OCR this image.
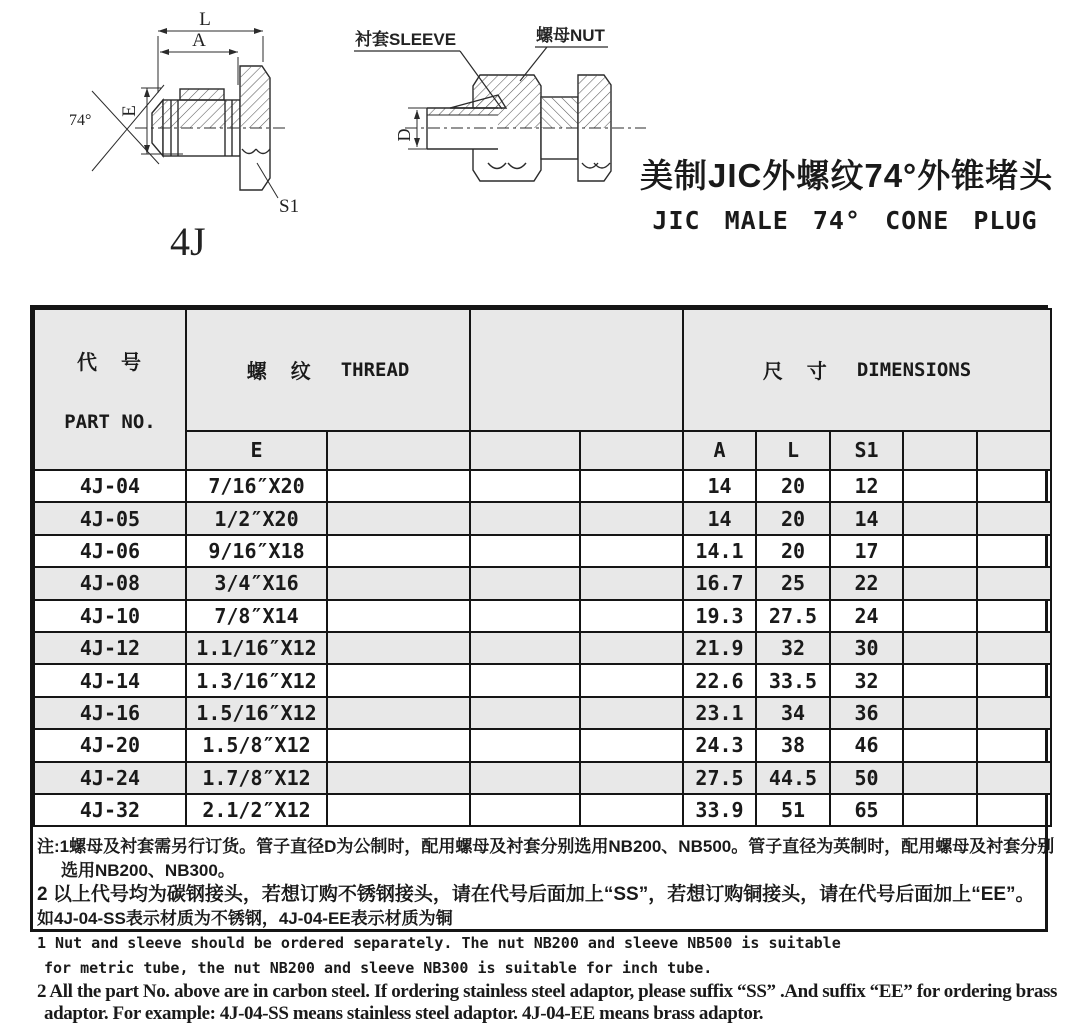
L
A
E
74°
S1
4J
衬套SLEEVE	螺母NUT
D
美制JIC外螺纹74°外锥堵头
JIC MALE 74° CONE PLUG

代　号

PART NO.

螺　纹 THREAD		尺　寸 DIMENSIONS

	E				A	L	S1		
4J-04	7/16″X20				14	20	12		
4J-05	1/2″X20				14	20	14		
4J-06	9/16″X18				14.1	20	17		
4J-08	3/4″X16				16.7	25	22		
4J-10	7/8″X14				19.3	27.5	24		
4J-12	1.1/16″X12				21.9	32	30		
4J-14	1.3/16″X12				22.6	33.5	32		
4J-16	1.5/16″X12				23.1	34	36		
4J-20	1.5/8″X12				24.3	38	46		
4J-24	1.7/8″X12				27.5	44.5	50		
4J-32	2.1/2″X12				33.9	51	65		
注:1螺母及衬套需另行订货。管子直径D为公制时，配用螺母及衬套分别选用NB200、NB500。管子直径为英制时，配用螺母及衬套分别
选用NB200、NB300。
2 以上代号均为碳钢接头，若想订购不锈钢接头，请在代号后面加上“SS”，若想订购铜接头，请在代号后面加上“EE”。
如4J-04-SS表示材质为不锈钢，4J-04-EE表示材质为铜
1 Nut and sleeve should be ordered separately. The nut NB200 and sleeve NB500 is suitable
for metric tube, the nut NB200 and sleeve NB300 is suitable for inch tube.
2 All the part No. above are in carbon steel. If ordering stainless steel adaptor, please suffix “SS” .And suffix “EE” for ordering brass
adaptor. For example: 4J-04-SS means stainless steel adaptor. 4J-04-EE means brass adaptor.
